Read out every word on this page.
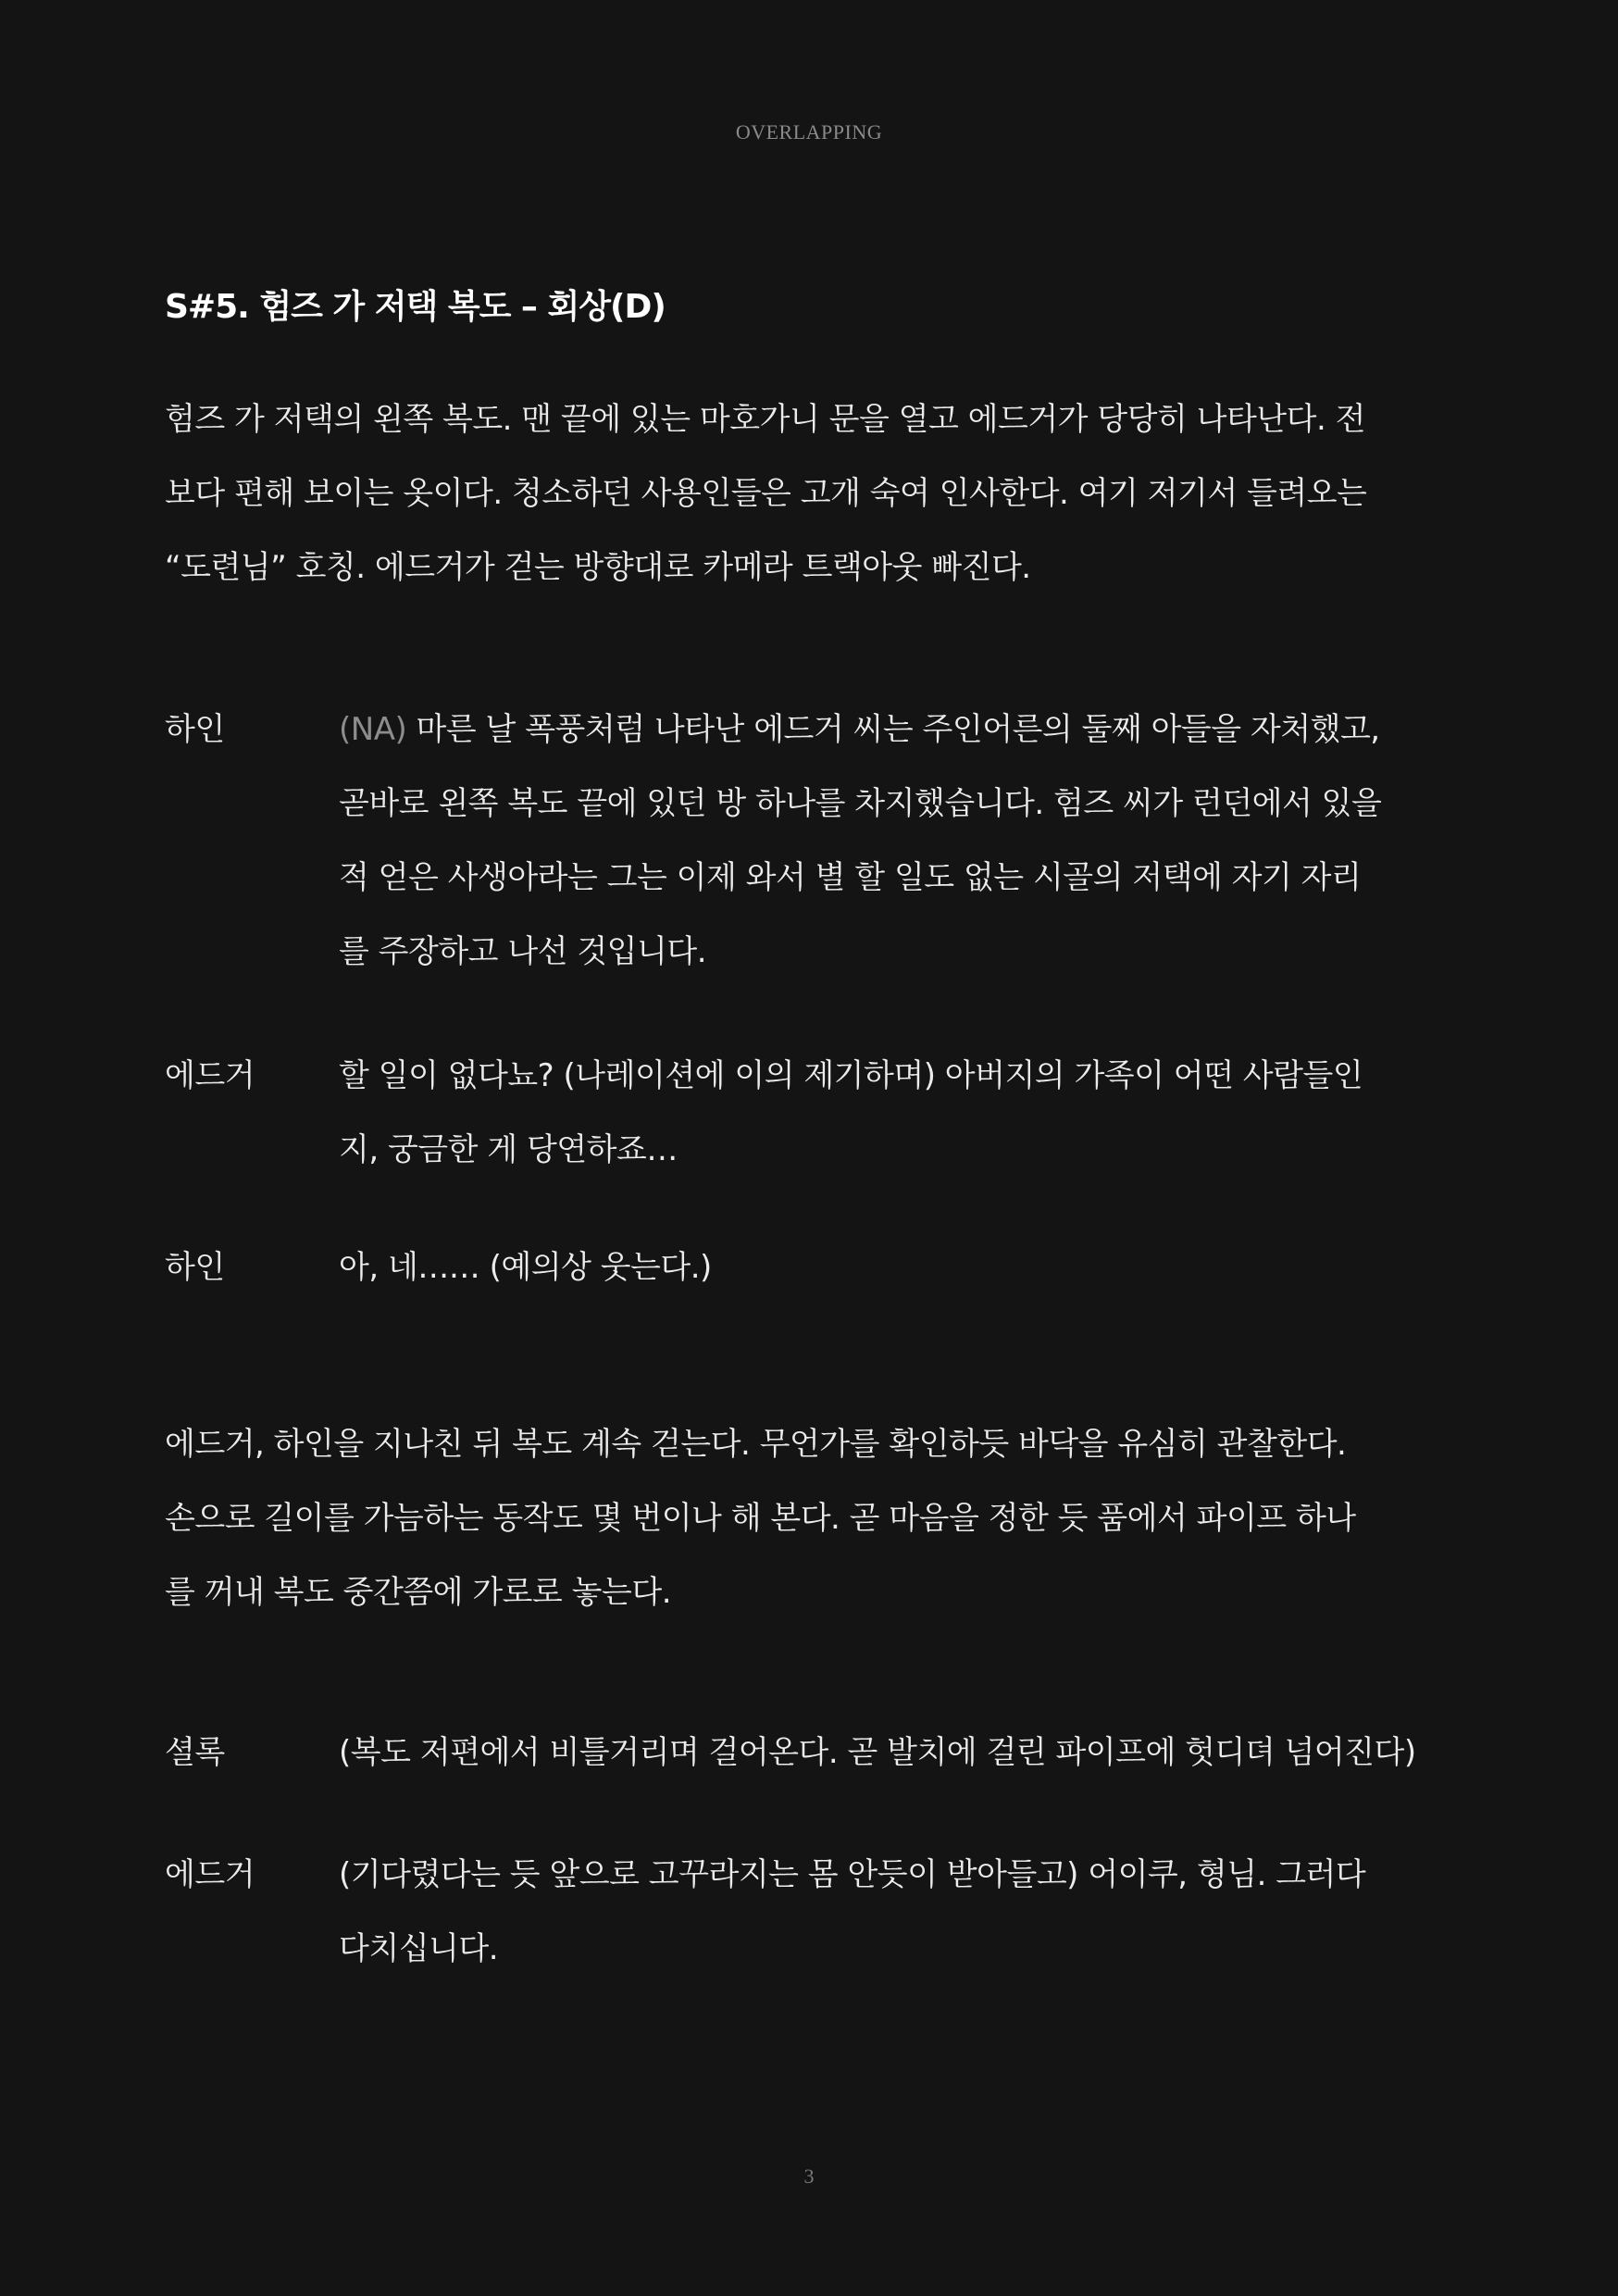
OVERLAPPING
S#5. 험즈 가 저택 복도 – 회상(D)
험즈 가 저택의 왼쪽 복도. 맨 끝에 있는 마호가니 문을 열고 에드거가 당당히 나타난다. 전
보다 편해 보이는 옷이다. 청소하던 사용인들은 고개 숙여 인사한다. 여기 저기서 들려오는
“도련님” 호칭. 에드거가 걷는 방향대로 카메라 트랙아웃 빠진다.
하인	(NA) 마른 날 폭풍처럼 나타난 에드거 씨는 주인어른의 둘째 아들을 자처했고,
곧바로 왼쪽 복도 끝에 있던 방 하나를 차지했습니다. 험즈 씨가 런던에서 있을
적 얻은 사생아라는 그는 이제 와서 별 할 일도 없는 시골의 저택에 자기 자리
를 주장하고 나선 것입니다.
에드거	할 일이 없다뇨? (나레이션에 이의 제기하며) 아버지의 가족이 어떤 사람들인
지, 궁금한 게 당연하죠…
하인	아, 네…… (예의상 웃는다.)
에드거, 하인을 지나친 뒤 복도 계속 걷는다. 무언가를 확인하듯 바닥을 유심히 관찰한다.
손으로 길이를 가늠하는 동작도 몇 번이나 해 본다. 곧 마음을 정한 듯 품에서 파이프 하나
를 꺼내 복도 중간쯤에 가로로 놓는다.
셜록	(복도 저편에서 비틀거리며 걸어온다. 곧 발치에 걸린 파이프에 헛디뎌 넘어진다)
에드거	(기다렸다는 듯 앞으로 고꾸라지는 몸 안듯이 받아들고) 어이쿠, 형님. 그러다
다치십니다.
3
